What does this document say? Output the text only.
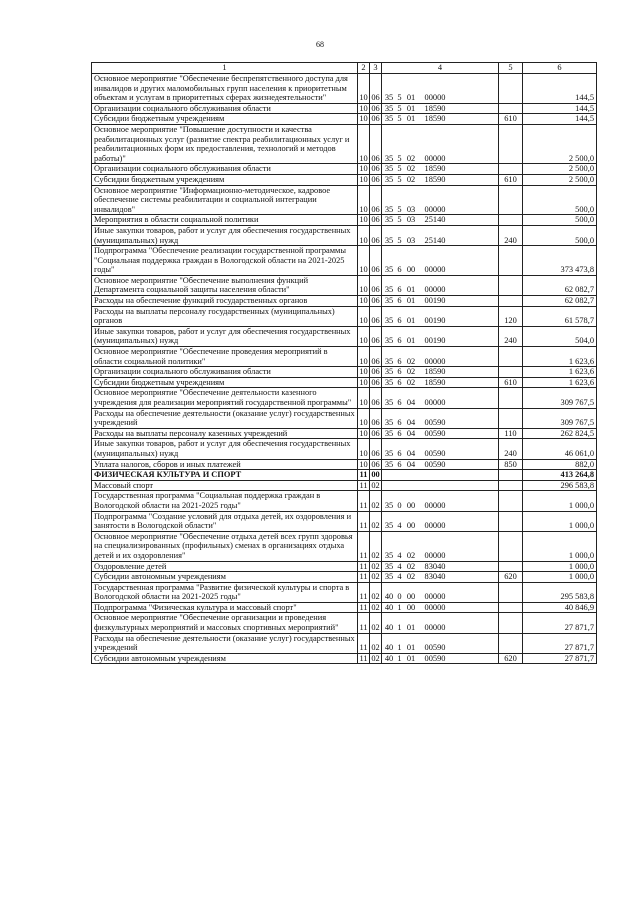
68
1	2	3	4	5	6
Основное мероприятие "Обеспечение беспрепятственного доступа для инвалидов и других маломобильных групп населения к приоритетным объектам и услугам в приоритетных сферах жизнедеятельности"	10	06	35 5 01 00000		144,5
Организации социального обслуживания области	10	06	35 5 01 18590		144,5
Субсидии бюджетным учреждениям	10	06	35 5 01 18590	610	144,5
Основное мероприятие "Повышение доступности и качества реабилитационных услуг (развитие спектра реабилитационных услуг и реабилитационных форм их предоставления, технологий и методов работы)"	10	06	35 5 02 00000		2 500,0
Организации социального обслуживания области	10	06	35 5 02 18590		2 500,0
Субсидии бюджетным учреждениям	10	06	35 5 02 18590	610	2 500,0
Основное мероприятие "Информационно-методическое, кадровое обеспечение системы реабилитации и социальной интеграции инвалидов"	10	06	35 5 03 00000		500,0
Мероприятия в области социальной политики	10	06	35 5 03 25140		500,0
Иные закупки товаров, работ и услуг для обеспечения государственных (муниципальных) нужд	10	06	35 5 03 25140	240	500,0
Подпрограмма "Обеспечение реализации государственной программы "Социальная поддержка граждан в Вологодской области на 2021-2025 годы"	10	06	35 6 00 00000		373 473,8
Основное мероприятие "Обеспечение выполнения функций Департамента социальной защиты населения области"	10	06	35 6 01 00000		62 082,7
Расходы на обеспечение функций государственных органов	10	06	35 6 01 00190		62 082,7
Расходы на выплаты персоналу государственных (муниципальных) органов	10	06	35 6 01 00190	120	61 578,7
Иные закупки товаров, работ и услуг для обеспечения государственных (муниципальных) нужд	10	06	35 6 01 00190	240	504,0
Основное мероприятие "Обеспечение проведения мероприятий в области социальной политики"	10	06	35 6 02 00000		1 623,6
Организации социального обслуживания области	10	06	35 6 02 18590		1 623,6
Субсидии бюджетным учреждениям	10	06	35 6 02 18590	610	1 623,6
Основное мероприятие "Обеспечение деятельности казенного учреждения для реализации мероприятий государственной программы"	10	06	35 6 04 00000		309 767,5
Расходы на обеспечение деятельности (оказание услуг) государственных учреждений	10	06	35 6 04 00590		309 767,5
Расходы на выплаты персоналу казенных учреждений	10	06	35 6 04 00590	110	262 824,5
Иные закупки товаров, работ и услуг для обеспечения государственных (муниципальных) нужд	10	06	35 6 04 00590	240	46 061,0
Уплата налогов, сборов и иных платежей	10	06	35 6 04 00590	850	882,0
ФИЗИЧЕСКАЯ КУЛЬТУРА И СПОРТ	11	00			413 264,8
Массовый спорт	11	02			296 583,8
Государственная программа "Социальная поддержка граждан в Вологодской области на 2021-2025 годы"	11	02	35 0 00 00000		1 000,0
Подпрограмма "Создание условий для отдыха детей, их оздоровления и занятости в Вологодской области"	11	02	35 4 00 00000		1 000,0
Основное мероприятие "Обеспечение отдыха детей всех групп здоровья на специализированных (профильных) сменах в организациях отдыха детей и их оздоровления"	11	02	35 4 02 00000		1 000,0
Оздоровление детей	11	02	35 4 02 83040		1 000,0
Субсидии автономным учреждениям	11	02	35 4 02 83040	620	1 000,0
Государственная программа "Развитие физической культуры и спорта в Вологодской области на 2021-2025 годы"	11	02	40 0 00 00000		295 583,8
Подпрограмма "Физическая культура и массовый спорт"	11	02	40 1 00 00000		40 846,9
Основное мероприятие "Обеспечение организации и проведения физкультурных мероприятий и массовых спортивных мероприятий"	11	02	40 1 01 00000		27 871,7
Расходы на обеспечение деятельности (оказание услуг) государственных учреждений	11	02	40 1 01 00590		27 871,7
Субсидии автономным учреждениям	11	02	40 1 01 00590	620	27 871,7
